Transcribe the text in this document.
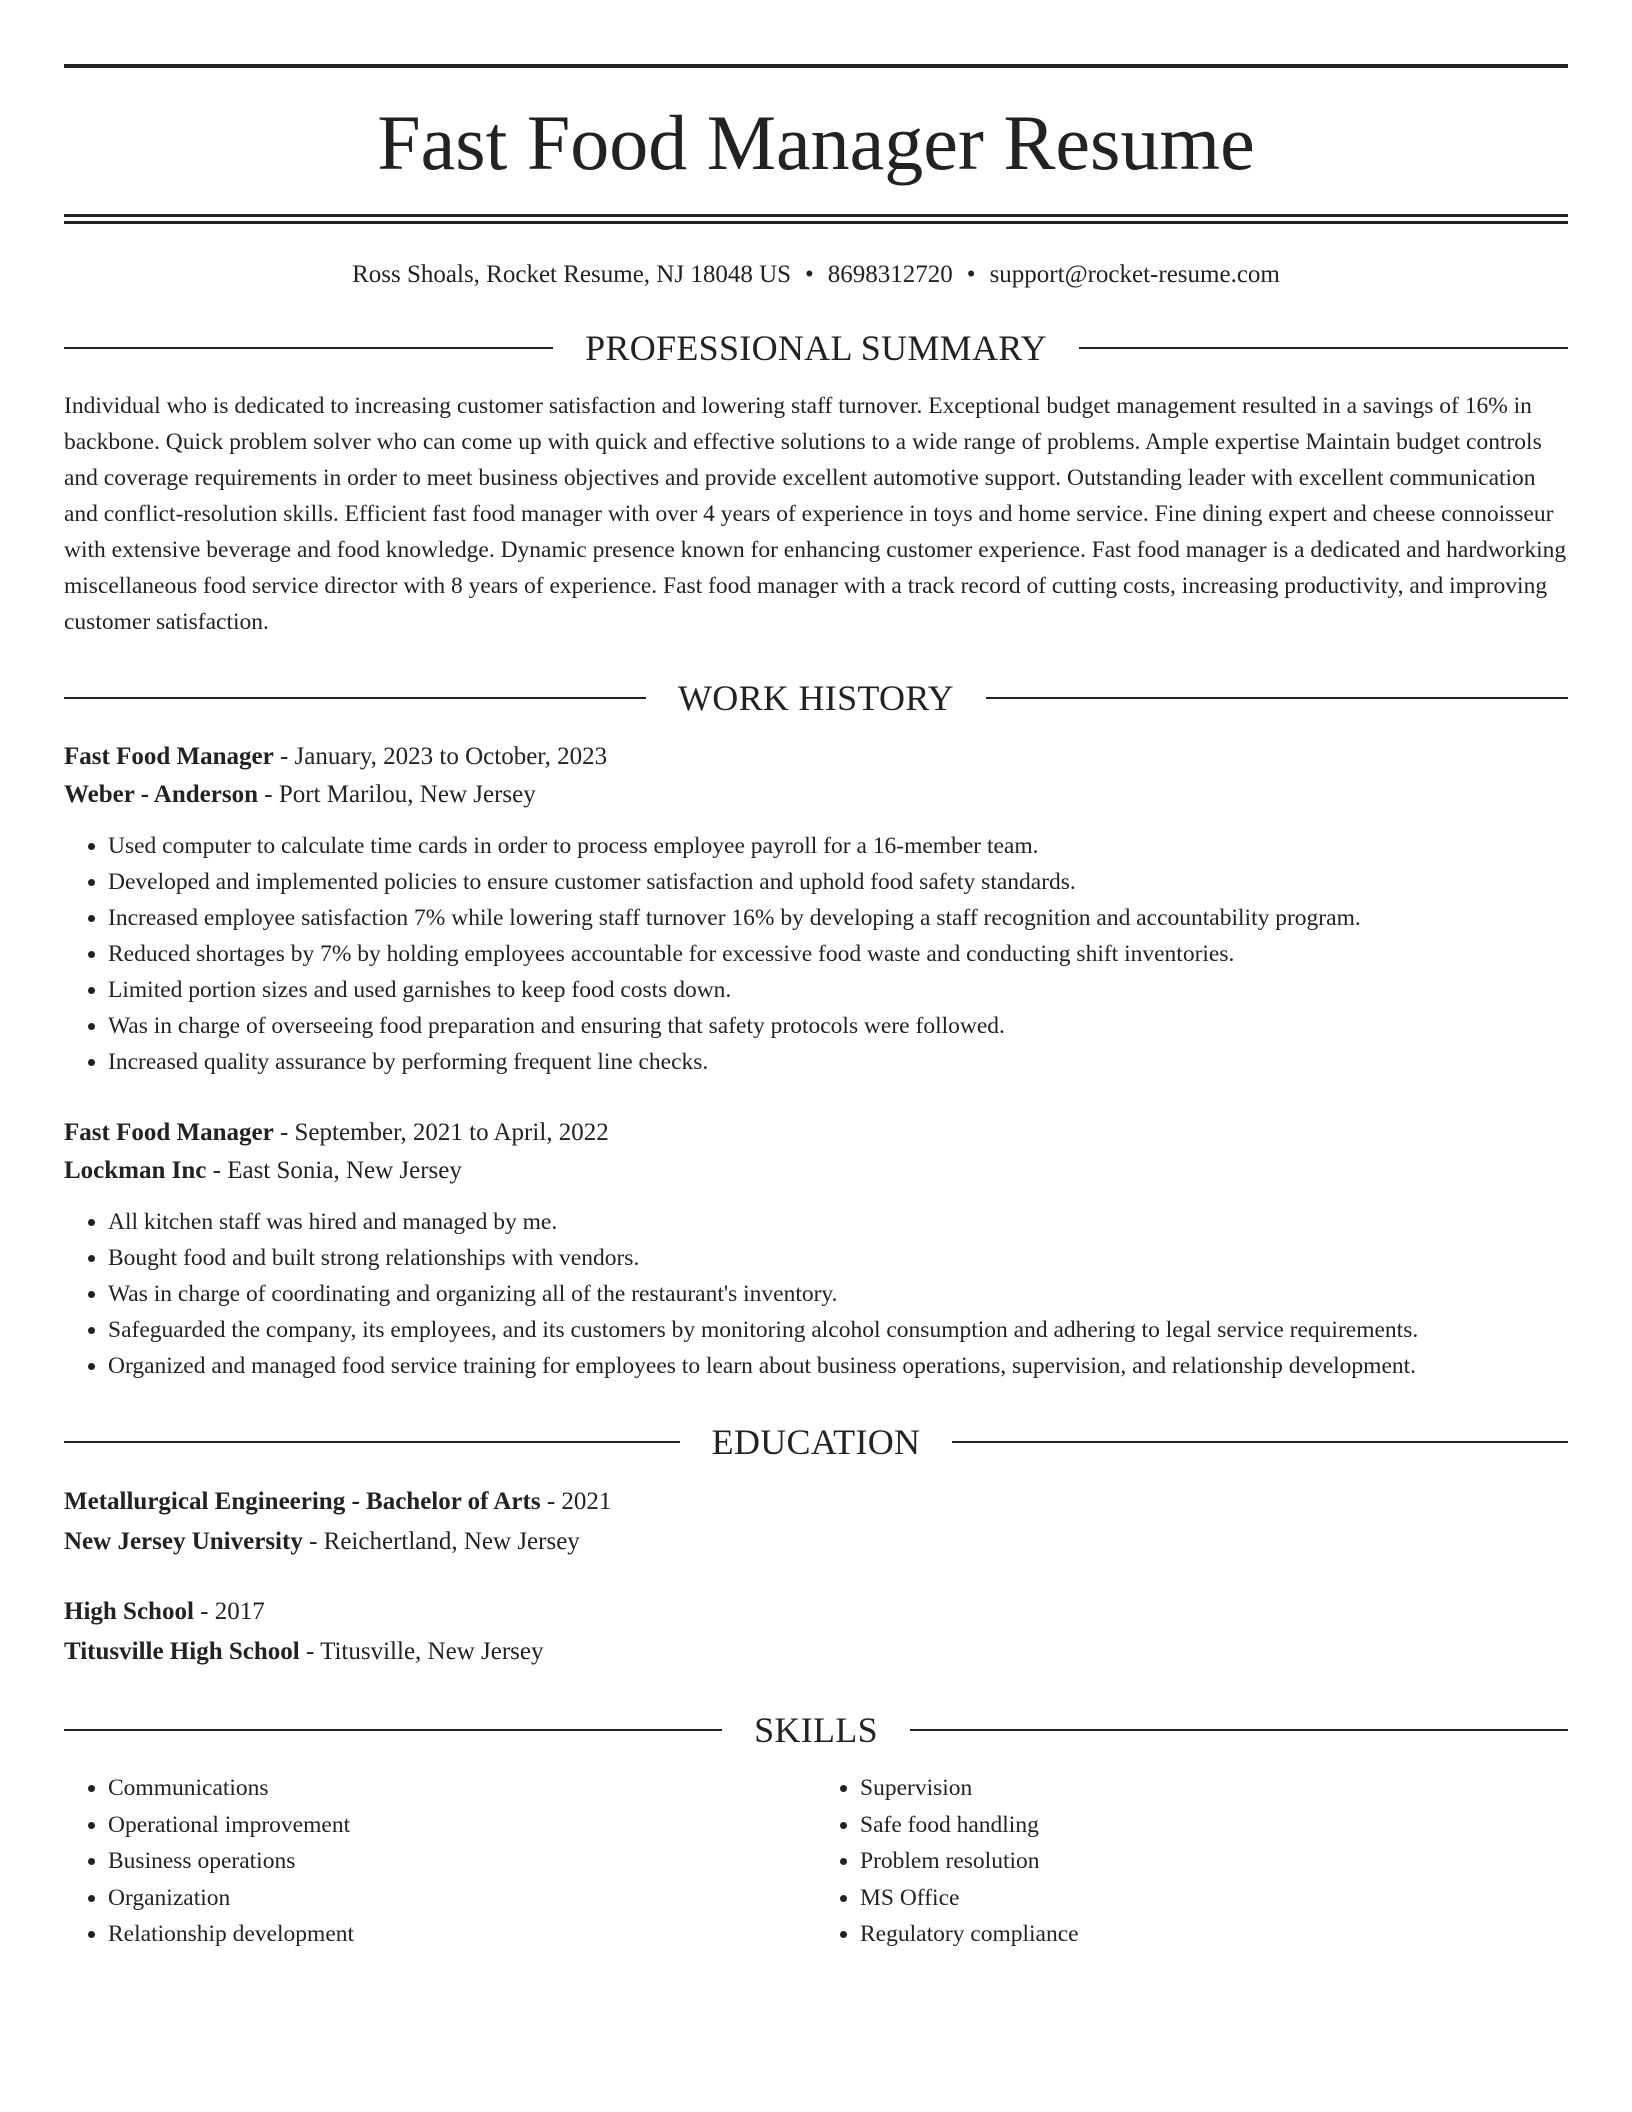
Fast Food Manager Resume
Ross Shoals, Rocket Resume, NJ 18048 US • 8698312720 • support@rocket-resume.com
PROFESSIONAL SUMMARY

Individual who is dedicated to increasing customer satisfaction and lowering staff turnover. Exceptional budget management resulted in a savings of 16% in backbone. Quick problem solver who can come up with quick and effective solutions to a wide range of problems. Ample expertise Maintain budget controls and coverage requirements in order to meet business objectives and provide excellent automotive support. Outstanding leader with excellent communication and conflict-resolution skills. Efficient fast food manager with over 4 years of experience in toys and home service. Fine dining expert and cheese connoisseur with extensive beverage and food knowledge. Dynamic presence known for enhancing customer experience. Fast food manager is a dedicated and hardworking miscellaneous food service director with 8 years of experience. Fast food manager with a track record of cutting costs, increasing productivity, and improving customer satisfaction.

WORK HISTORY
Fast Food Manager - January, 2023 to October, 2023
Weber - Anderson - Port Marilou, New Jersey
• Used computer to calculate time cards in order to process employee payroll for a 16-member team.
• Developed and implemented policies to ensure customer satisfaction and uphold food safety standards.
• Increased employee satisfaction 7% while lowering staff turnover 16% by developing a staff recognition and accountability program.
• Reduced shortages by 7% by holding employees accountable for excessive food waste and conducting shift inventories.
• Limited portion sizes and used garnishes to keep food costs down.
• Was in charge of overseeing food preparation and ensuring that safety protocols were followed.
• Increased quality assurance by performing frequent line checks.
Fast Food Manager - September, 2021 to April, 2022
Lockman Inc - East Sonia, New Jersey
• All kitchen staff was hired and managed by me.
• Bought food and built strong relationships with vendors.
• Was in charge of coordinating and organizing all of the restaurant's inventory.
• Safeguarded the company, its employees, and its customers by monitoring alcohol consumption and adhering to legal service requirements.
• Organized and managed food service training for employees to learn about business operations, supervision, and relationship development.
EDUCATION
Metallurgical Engineering - Bachelor of Arts - 2021
New Jersey University - Reichertland, New Jersey
High School - 2017
Titusville High School - Titusville, New Jersey
SKILLS
• Communications
• Operational improvement
• Business operations
• Organization
• Relationship development
• Supervision
• Safe food handling
• Problem resolution
• MS Office
• Regulatory compliance
